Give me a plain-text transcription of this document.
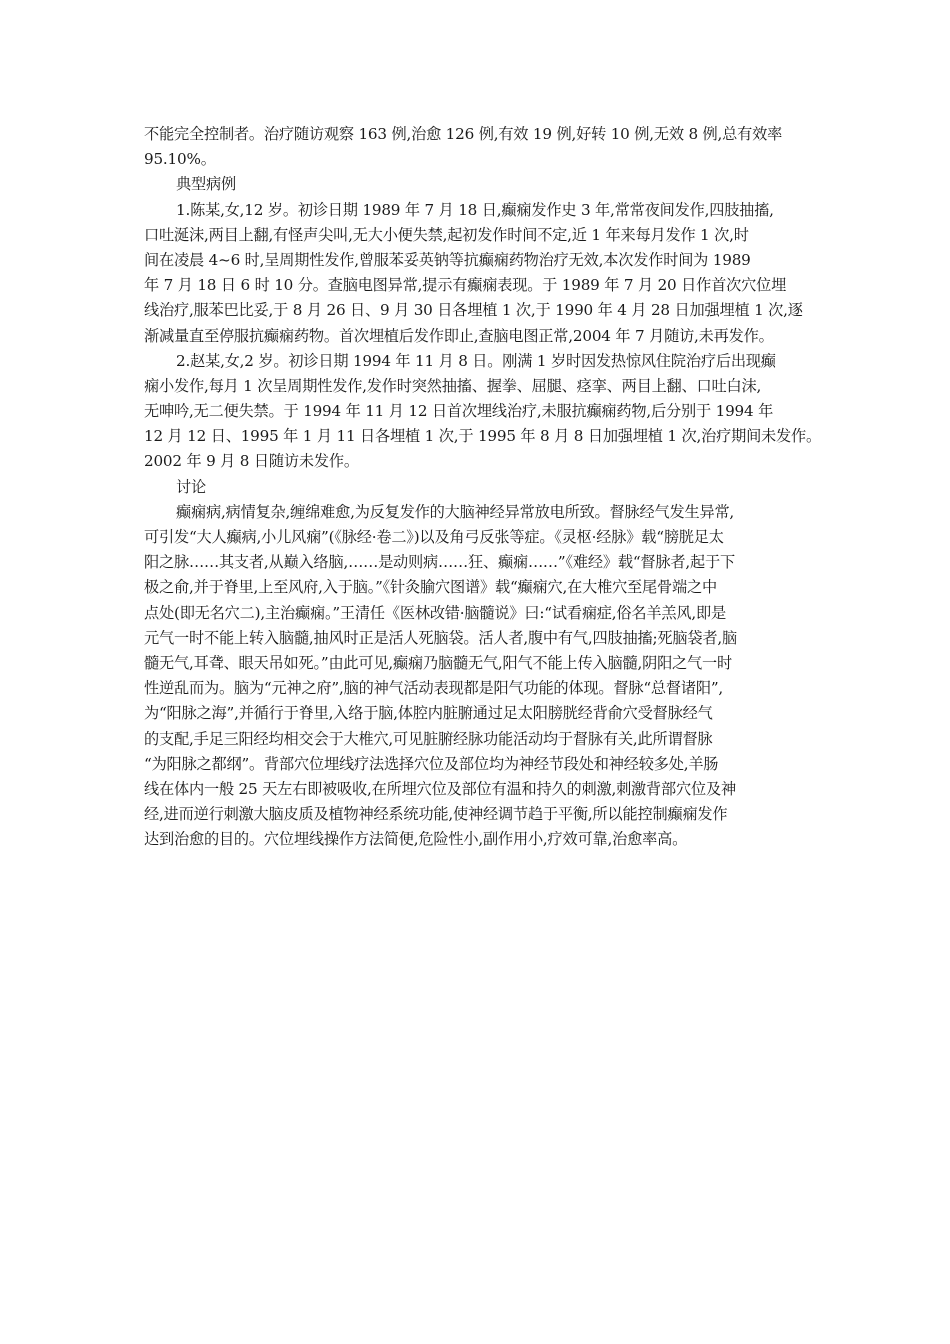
不能完全控制者。治疗随访观察 163 例,治愈 126 例,有效 19 例,好转 10 例,无效 8 例,总有效率
95.10%。
典型病例
1.陈某,女,12 岁。初诊日期 1989 年 7 月 18 日,癫痫发作史 3 年,常常夜间发作,四肢抽搐,
口吐涎沫,两目上翻,有怪声尖叫,无大小便失禁,起初发作时间不定,近 1 年来每月发作 1 次,时
间在凌晨 4~6 时,呈周期性发作,曾服苯妥英钠等抗癫痫药物治疗无效,本次发作时间为 1989
年 7 月 18 日 6 时 10 分。查脑电图异常,提示有癫痫表现。于 1989 年 7 月 20 日作首次穴位埋
线治疗,服苯巴比妥,于 8 月 26 日、9 月 30 日各埋植 1 次,于 1990 年 4 月 28 日加强埋植 1 次,逐
渐减量直至停服抗癫痫药物。首次埋植后发作即止,查脑电图正常,2004 年 7 月随访,未再发作。
2.赵某,女,2 岁。初诊日期 1994 年 11 月 8 日。刚满 1 岁时因发热惊风住院治疗后出现癫
痫小发作,每月 1 次呈周期性发作,发作时突然抽搐、握拳、屈腿、痉挛、两目上翻、口吐白沫,
无呻吟,无二便失禁。于 1994 年 11 月 12 日首次埋线治疗,未服抗癫痫药物,后分别于 1994 年
12 月 12 日、1995 年 1 月 11 日各埋植 1 次,于 1995 年 8 月 8 日加强埋植 1 次,治疗期间未发作。
2002 年 9 月 8 日随访未发作。
讨论
癫痫病,病情复杂,缠绵难愈,为反复发作的大脑神经异常放电所致。督脉经气发生异常,
可引发“大人癫病,小儿风痫”(《脉经·卷二》)以及角弓反张等症。《灵枢·经脉》载“膀胱足太
阳之脉……其支者,从巅入络脑,……是动则病……狂、癫痫……”《难经》载“督脉者,起于下
极之俞,并于脊里,上至风府,入于脑。”《针灸腧穴图谱》载“癫痫穴,在大椎穴至尾骨端之中
点处(即无名穴二),主治癫痫。”王清任《医林改错·脑髓说》曰:“试看痫症,俗名羊羔风,即是
元气一时不能上转入脑髓,抽风时正是活人死脑袋。活人者,腹中有气,四肢抽搐;死脑袋者,脑
髓无气,耳聋、眼天吊如死。”由此可见,癫痫乃脑髓无气,阳气不能上传入脑髓,阴阳之气一时
性逆乱而为。脑为“元神之府”,脑的神气活动表现都是阳气功能的体现。督脉“总督诸阳”,
为“阳脉之海”,并循行于脊里,入络于脑,体腔内脏腑通过足太阳膀胱经背俞穴受督脉经气
的支配,手足三阳经均相交会于大椎穴,可见脏腑经脉功能活动均于督脉有关,此所谓督脉
“为阳脉之都纲”。背部穴位埋线疗法选择穴位及部位均为神经节段处和神经较多处,羊肠
线在体内一般 25 天左右即被吸收,在所埋穴位及部位有温和持久的刺激,刺激背部穴位及神
经,进而逆行刺激大脑皮质及植物神经系统功能,使神经调节趋于平衡,所以能控制癫痫发作
达到治愈的目的。穴位埋线操作方法简便,危险性小,副作用小,疗效可靠,治愈率高。
